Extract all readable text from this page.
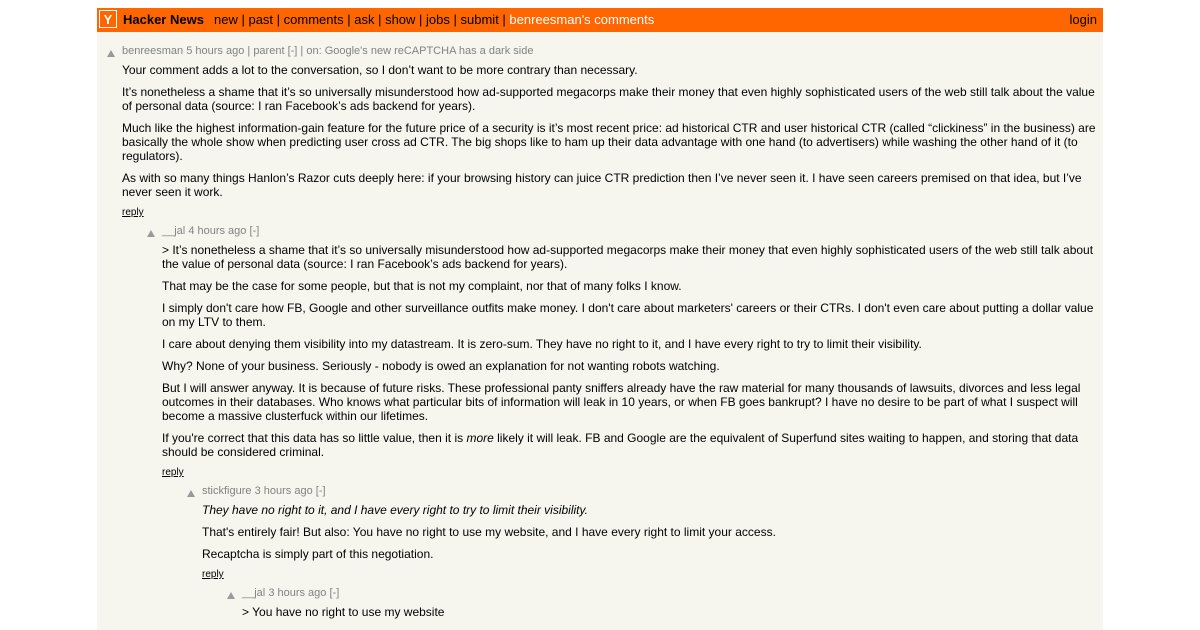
Y Hacker News new | past | comments | ask | show | jobs | submit | benreesman's comments	login
benreesman 5 hours ago | parent [-] | on: Google's new reCAPTCHA has a dark side

Your comment adds a lot to the conversation, so I don’t want to be more contrary than necessary.

It’s nonetheless a shame that it’s so universally misunderstood how ad-supported megacorps make their money that even highly sophisticated users of the web still talk about the value of personal data (source: I ran Facebook’s ads backend for years).

Much like the highest information-gain feature for the future price of a security is it’s most recent price: ad historical CTR and user historical CTR (called “clickiness” in the business) are basically the whole show when predicting user cross ad CTR. The big shops like to ham up their data advantage with one hand (to advertisers) while washing the other hand of it (to regulators).

As with so many things Hanlon’s Razor cuts deeply here: if your browsing history can juice CTR prediction then I’ve never seen it. I have seen careers premised on that idea, but I’ve never seen it work.

reply
__jal 4 hours ago [-]

> It’s nonetheless a shame that it’s so universally misunderstood how ad-supported megacorps make their money that even highly sophisticated users of the web still talk about the value of personal data (source: I ran Facebook’s ads backend for years).

That may be the case for some people, but that is not my complaint, nor that of many folks I know.

I simply don't care how FB, Google and other surveillance outfits make money. I don't care about marketers' careers or their CTRs. I don't even care about putting a dollar value on my LTV to them.

I care about denying them visibility into my datastream. It is zero-sum. They have no right to it, and I have every right to try to limit their visibility.

Why? None of your business. Seriously - nobody is owed an explanation for not wanting robots watching.

But I will answer anyway. It is because of future risks. These professional panty sniffers already have the raw material for many thousands of lawsuits, divorces and less legal outcomes in their databases. Who knows what particular bits of information will leak in 10 years, or when FB goes bankrupt? I have no desire to be part of what I suspect will become a massive clusterfuck within our lifetimes.

If you're correct that this data has so little value, then it is more likely it will leak. FB and Google are the equivalent of Superfund sites waiting to happen, and storing that data should be considered criminal.

reply
stickfigure 3 hours ago [-]

They have no right to it, and I have every right to try to limit their visibility.

That's entirely fair! But also: You have no right to use my website, and I have every right to limit your access.

Recaptcha is simply part of this negotiation.

reply
__jal 3 hours ago [-]

> You have no right to use my website
